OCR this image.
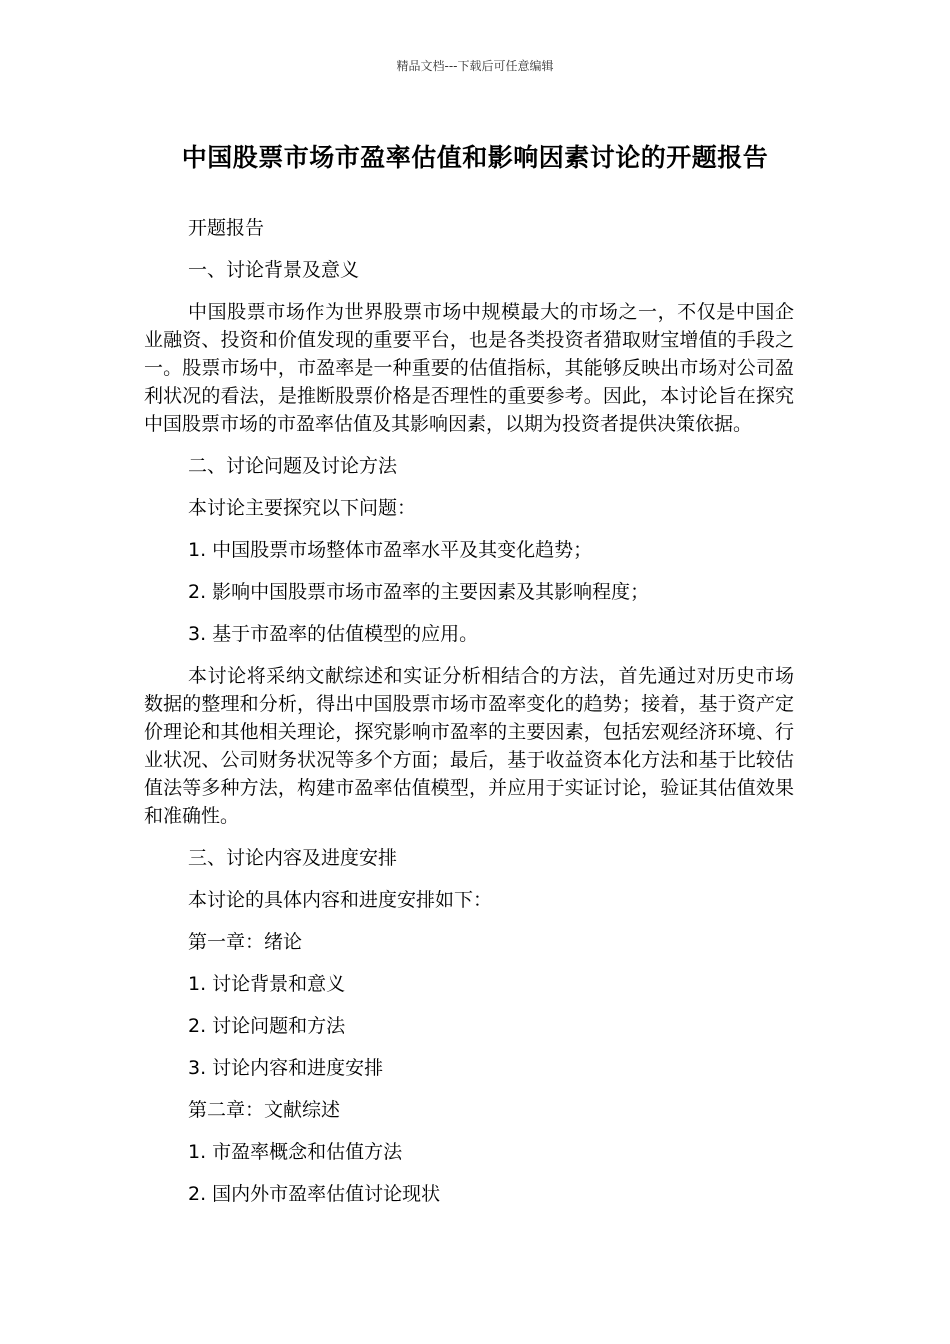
精品文档---下载后可任意编辑
中国股票市场市盈率估值和影响因素讨论的开题报告

开题报告

一、讨论背景及意义

中国股票市场作为世界股票市场中规模最大的市场之一，不仅是中国企业融资、投资和价值发现的重要平台，也是各类投资者猎取财宝增值的手段之一。股票市场中，市盈率是一种重要的估值指标，其能够反映出市场对公司盈利状况的看法，是推断股票价格是否理性的重要参考。因此，本讨论旨在探究中国股票市场的市盈率估值及其影响因素，以期为投资者提供决策依据。

二、讨论问题及讨论方法

本讨论主要探究以下问题：

1. 中国股票市场整体市盈率水平及其变化趋势；

2. 影响中国股票市场市盈率的主要因素及其影响程度；

3. 基于市盈率的估值模型的应用。

本讨论将采纳文献综述和实证分析相结合的方法，首先通过对历史市场数据的整理和分析，得出中国股票市场市盈率变化的趋势；接着，基于资产定价理论和其他相关理论，探究影响市盈率的主要因素，包括宏观经济环境、行业状况、公司财务状况等多个方面；最后，基于收益资本化方法和基于比较估值法等多种方法，构建市盈率估值模型，并应用于实证讨论，验证其估值效果和准确性。

三、讨论内容及进度安排

本讨论的具体内容和进度安排如下：

第一章：绪论

1. 讨论背景和意义

2. 讨论问题和方法

3. 讨论内容和进度安排

第二章：文献综述

1. 市盈率概念和估值方法

2. 国内外市盈率估值讨论现状
